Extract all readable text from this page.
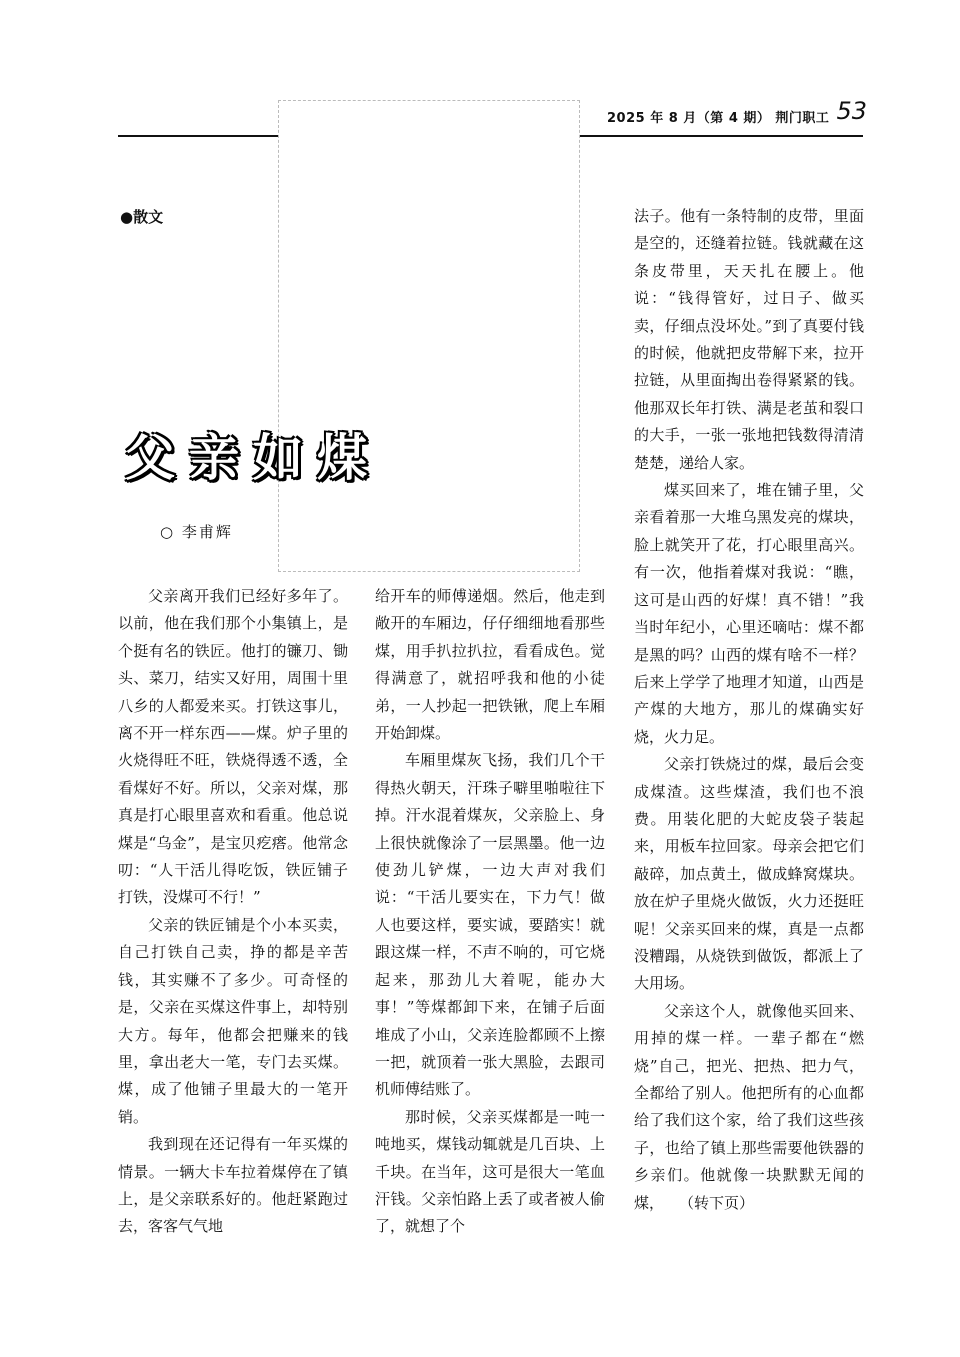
2025 年 8 月（第 4 期） 荆门职工 53
●散文
父亲如煤
○ 李甫辉

父亲离开我们已经好多年了。以前，他在我们那个小集镇上，是个挺有名的铁匠。他打的镰刀、锄头、菜刀，结实又好用，周围十里八乡的人都爱来买。打铁这事儿，离不开一样东西——煤。炉子里的火烧得旺不旺，铁烧得透不透，全看煤好不好。所以，父亲对煤，那真是打心眼里喜欢和看重。他总说煤是“乌金”，是宝贝疙瘩。他常念叨：“人干活儿得吃饭，铁匠铺子打铁，没煤可不行！”

父亲的铁匠铺是个小本买卖，自己打铁自己卖，挣的都是辛苦钱，其实赚不了多少。可奇怪的是，父亲在买煤这件事上，却特别大方。每年，他都会把赚来的钱里，拿出老大一笔，专门去买煤。煤，成了他铺子里最大的一笔开销。

我到现在还记得有一年买煤的情景。一辆大卡车拉着煤停在了镇上，是父亲联系好的。他赶紧跑过去，客客气气地

给开车的师傅递烟。然后，他走到敞开的车厢边，仔仔细细地看那些煤，用手扒拉扒拉，看看成色。觉得满意了，就招呼我和他的小徒弟，一人抄起一把铁锹，爬上车厢开始卸煤。

车厢里煤灰飞扬，我们几个干得热火朝天，汗珠子噼里啪啦往下掉。汗水混着煤灰，父亲脸上、身上很快就像涂了一层黑墨。他一边使劲儿铲煤，一边大声对我们说：“干活儿要实在，下力气！做人也要这样，要实诚，要踏实！就跟这煤一样，不声不响的，可它烧起来，那劲儿大着呢，能办大事！”等煤都卸下来，在铺子后面堆成了小山，父亲连脸都顾不上擦一把，就顶着一张大黑脸，去跟司机师傅结账了。

那时候，父亲买煤都是一吨一吨地买，煤钱动辄就是几百块、上千块。在当年，这可是很大一笔血汗钱。父亲怕路上丢了或者被人偷了，就想了个

法子。他有一条特制的皮带，里面是空的，还缝着拉链。钱就藏在这条皮带里，天天扎在腰上。他说：“钱得管好，过日子、做买卖，仔细点没坏处。”到了真要付钱的时候，他就把皮带解下来，拉开拉链，从里面掏出卷得紧紧的钱。他那双长年打铁、满是老茧和裂口的大手，一张一张地把钱数得清清楚楚，递给人家。

煤买回来了，堆在铺子里，父亲看着那一大堆乌黑发亮的煤块，脸上就笑开了花，打心眼里高兴。有一次，他指着煤对我说：“瞧，这可是山西的好煤！真不错！”我当时年纪小，心里还嘀咕：煤不都是黑的吗？山西的煤有啥不一样？后来上学学了地理才知道，山西是产煤的大地方，那儿的煤确实好烧，火力足。

父亲打铁烧过的煤，最后会变成煤渣。这些煤渣，我们也不浪费。用装化肥的大蛇皮袋子装起来，用板车拉回家。母亲会把它们敲碎，加点黄土，做成蜂窝煤块。放在炉子里烧火做饭，火力还挺旺呢！父亲买回来的煤，真是一点都没糟蹋，从烧铁到做饭，都派上了大用场。

父亲这个人，就像他买回来、用掉的煤一样。一辈子都在“燃烧”自己，把光、把热、把力气，全都给了别人。他把所有的心血都给了我们这个家，给了我们这些孩子，也给了镇上那些需要他铁器的乡亲们。他就像一块默默无闻的煤，　　（转下页）
